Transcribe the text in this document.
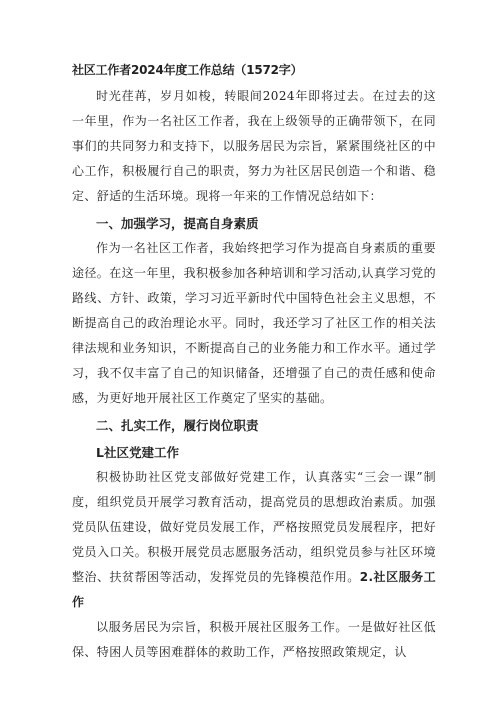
社区工作者2024年度工作总结（1572字）

时光荏苒，岁月如梭，转眼间2024年即将过去。在过去的这一年里，作为一名社区工作者，我在上级领导的正确带领下，在同事们的共同努力和支持下，以服务居民为宗旨，紧紧围绕社区的中心工作，积极履行自己的职责，努力为社区居民创造一个和谐、稳定、舒适的生活环境。现将一年来的工作情况总结如下：

一、加强学习，提高自身素质

作为一名社区工作者，我始终把学习作为提高自身素质的重要途径。在这一年里，我积极参加各种培训和学习活动,认真学习党的路线、方针、政策，学习习近平新时代中国特色社会主义思想，不断提高自己的政治理论水平。同时，我还学习了社区工作的相关法律法规和业务知识，不断提高自己的业务能力和工作水平。通过学习，我不仅丰富了自己的知识储备，还增强了自己的责任感和使命感，为更好地开展社区工作奠定了坚实的基础。

二、扎实工作，履行岗位职责
L社区党建工作

积极协助社区党支部做好党建工作，认真落实“三会一课”制度，组织党员开展学习教育活动，提高党员的思想政治素质。加强党员队伍建设，做好党员发展工作，严格按照党员发展程序，把好党员入口关。积极开展党员志愿服务活动，组织党员参与社区环境整治、扶贫帮困等活动，发挥党员的先锋模范作用。2.社区服务工作

以服务居民为宗旨，积极开展社区服务工作。一是做好社区低保、特困人员等困难群体的救助工作，严格按照政策规定，认
